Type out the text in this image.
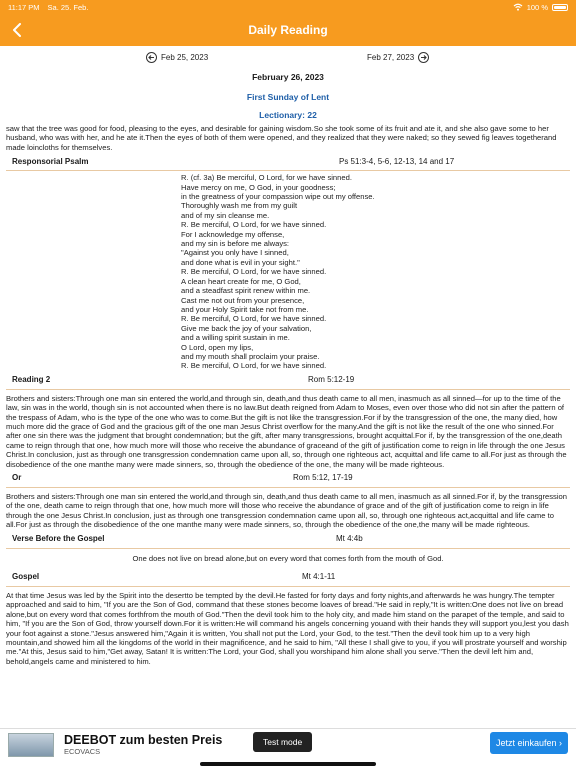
11:17 PM Sa. 25. Feb.	100 %
Daily Reading
Feb 25, 2023	Feb 27, 2023
February 26, 2023
First Sunday of Lent
Lectionary: 22
saw that the tree was good for food, pleasing to the eyes, and desirable for gaining wisdom.So she took some of its fruit and ate it, and she also gave some to her husband, who was with her, and he ate it.Then the eyes of both of them were opened, and they realized that they were naked; so they sewed fig leaves togetherand made loincloths for themselves.
Responsorial Psalm	Ps 51:3-4, 5-6, 12-13, 14 and 17
R. (cf. 3a) Be merciful, O Lord, for we have sinned.
Have mercy on me, O God, in your goodness;
in the greatness of your compassion wipe out my offense.
Thoroughly wash me from my guilt
and of my sin cleanse me.
R. Be merciful, O Lord, for we have sinned.
For I acknowledge my offense,
and my sin is before me always:
"Against you only have I sinned,
and done what is evil in your sight."
R. Be merciful, O Lord, for we have sinned.
A clean heart create for me, O God,
and a steadfast spirit renew within me.
Cast me not out from your presence,
and your Holy Spirit take not from me.
R. Be merciful, O Lord, for we have sinned.
Give me back the joy of your salvation,
and a willing spirit sustain in me.
O Lord, open my lips,
and my mouth shall proclaim your praise.
R. Be merciful, O Lord, for we have sinned.
Reading 2	Rom 5:12-19
Brothers and sisters:Through one man sin entered the world,and through sin, death,and thus death came to all men, inasmuch as all sinned—for up to the time of the law, sin was in the world, though sin is not accounted when there is no law.But death reigned from Adam to Moses, even over those who did not sin after the pattern of the trespass of Adam, who is the type of the one who was to come.But the gift is not like the transgression.For if by the transgression of the one, the many died, how much more did the grace of God and the gracious gift of the one man Jesus Christ overflow for the many.And the gift is not like the result of the one who sinned.For after one sin there was the judgment that brought condemnation; but the gift, after many transgressions, brought acquittal.For if, by the transgression of the one,death came to reign through that one, how much more will those who receive the abundance of graceand of the gift of justification come to reign in life through the one Jesus Christ.In conclusion, just as through one transgression condemnation came upon all, so, through one righteous act, acquittal and life came to all.For just as through the disobedience of the one manthe many were made sinners, so, through the obedience of the one, the many will be made righteous.
Or	Rom 5:12, 17-19
Brothers and sisters:Through one man sin entered the world,and through sin, death,and thus death came to all men, inasmuch as all sinned.For if, by the transgression of the one, death came to reign through that one, how much more will those who receive the abundance of grace and of the gift of justification come to reign in life through the one Jesus Christ.In conclusion, just as through one transgression condemnation came upon all, so, through one righteous act,acquittal and life came to all.For just as through the disobedience of the one manthe many were made sinners, so, through the obedience of the one,the many will be made righteous.
Verse Before the Gospel	Mt 4:4b
One does not live on bread alone,but on every word that comes forth from the mouth of God.
Gospel	Mt 4:1-11
At that time Jesus was led by the Spirit into the desertto be tempted by the devil.He fasted for forty days and forty nights,and afterwards he was hungry.The tempter approached and said to him, "If you are the Son of God, command that these stones become loaves of bread."He said in reply,"It is written:One does not live on bread alone,but on every word that comes forthfrom the mouth of God."Then the devil took him to the holy city, and made him stand on the parapet of the temple, and said to him, "If you are the Son of God, throw yourself down.For it is written:He will command his angels concerning youand with their hands they will support you,lest you dash your foot against a stone."Jesus answered him,"Again it is written, You shall not put the Lord, your God, to the test."Then the devil took him up to a very high mountain,and showed him all the kingdoms of the world in their magnificence, and he said to him, "All these I shall give to you, if you will prostrate yourself and worship me."At this, Jesus said to him,"Get away, Satan! It is written:The Lord, your God, shall you worshipand him alone shall you serve."Then the devil left him and, behold,angels came and ministered to him.
DEEBOT zum besten Preis
ECOVACS
Test mode	Jetzt einkaufen ›
